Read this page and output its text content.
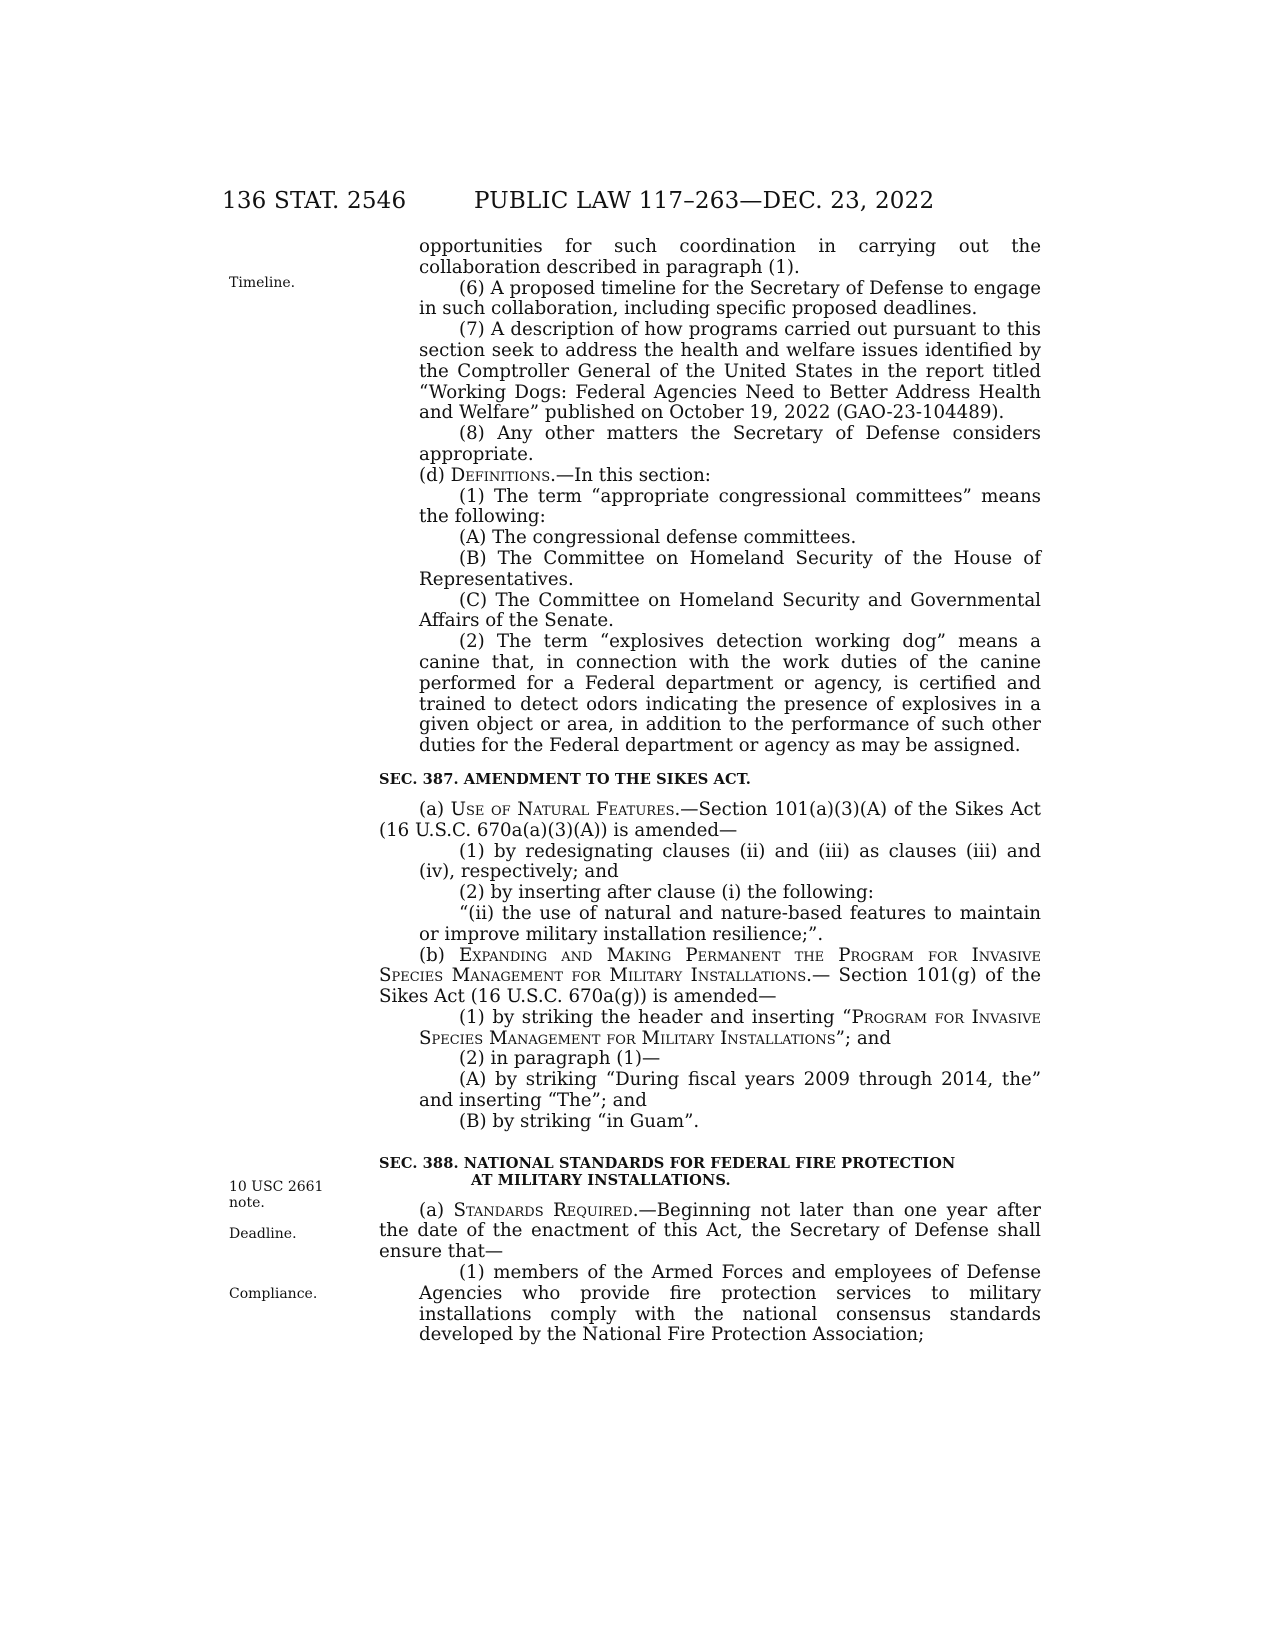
136 STAT. 2546	PUBLIC LAW 117–263—DEC. 23, 2022
Timeline.
10 USC 2661
note.
Deadline.
Compliance.

opportunities for such coordination in carrying out the collaboration described in paragraph (1).

(6) A proposed timeline for the Secretary of Defense to engage in such collaboration, including specific proposed deadlines.

(7) A description of how programs carried out pursuant to this section seek to address the health and welfare issues identified by the Comptroller General of the United States in the report titled “Working Dogs: Federal Agencies Need to Better Address Health and Welfare” published on October 19, 2022 (GAO-23-104489).

(8) Any other matters the Secretary of Defense considers appropriate.

(d) Definitions.—In this section:

(1) The term “appropriate congressional committees” means the following:

(A) The congressional defense committees.

(B) The Committee on Homeland Security of the House of Representatives.

(C) The Committee on Homeland Security and Governmental Affairs of the Senate.

(2) The term “explosives detection working dog” means a canine that, in connection with the work duties of the canine performed for a Federal department or agency, is certified and trained to detect odors indicating the presence of explosives in a given object or area, in addition to the performance of such other duties for the Federal department or agency as may be assigned.

SEC. 387. AMENDMENT TO THE SIKES ACT.

(a) Use of Natural Features.—Section 101(a)(3)(A) of the Sikes Act (16 U.S.C. 670a(a)(3)(A)) is amended—

(1) by redesignating clauses (ii) and (iii) as clauses (iii) and (iv), respectively; and

(2) by inserting after clause (i) the following:

“(ii) the use of natural and nature-based features to maintain or improve military installation resilience;”.

(b) Expanding and Making Permanent the Program for Invasive Species Management for Military Installations.— Section 101(g) of the Sikes Act (16 U.S.C. 670a(g)) is amended—

(1) by striking the header and inserting “Program for Invasive Species Management for Military Installations”; and

(2) in paragraph (1)—

(A) by striking “During fiscal years 2009 through 2014, the” and inserting “The”; and

(B) by striking “in Guam”.

SEC. 388. NATIONAL STANDARDS FOR FEDERAL FIRE PROTECTION
AT MILITARY INSTALLATIONS.

(a) Standards Required.—Beginning not later than one year after the date of the enactment of this Act, the Secretary of Defense shall ensure that—

(1) members of the Armed Forces and employees of Defense Agencies who provide fire protection services to military installations comply with the national consensus standards developed by the National Fire Protection Association;
